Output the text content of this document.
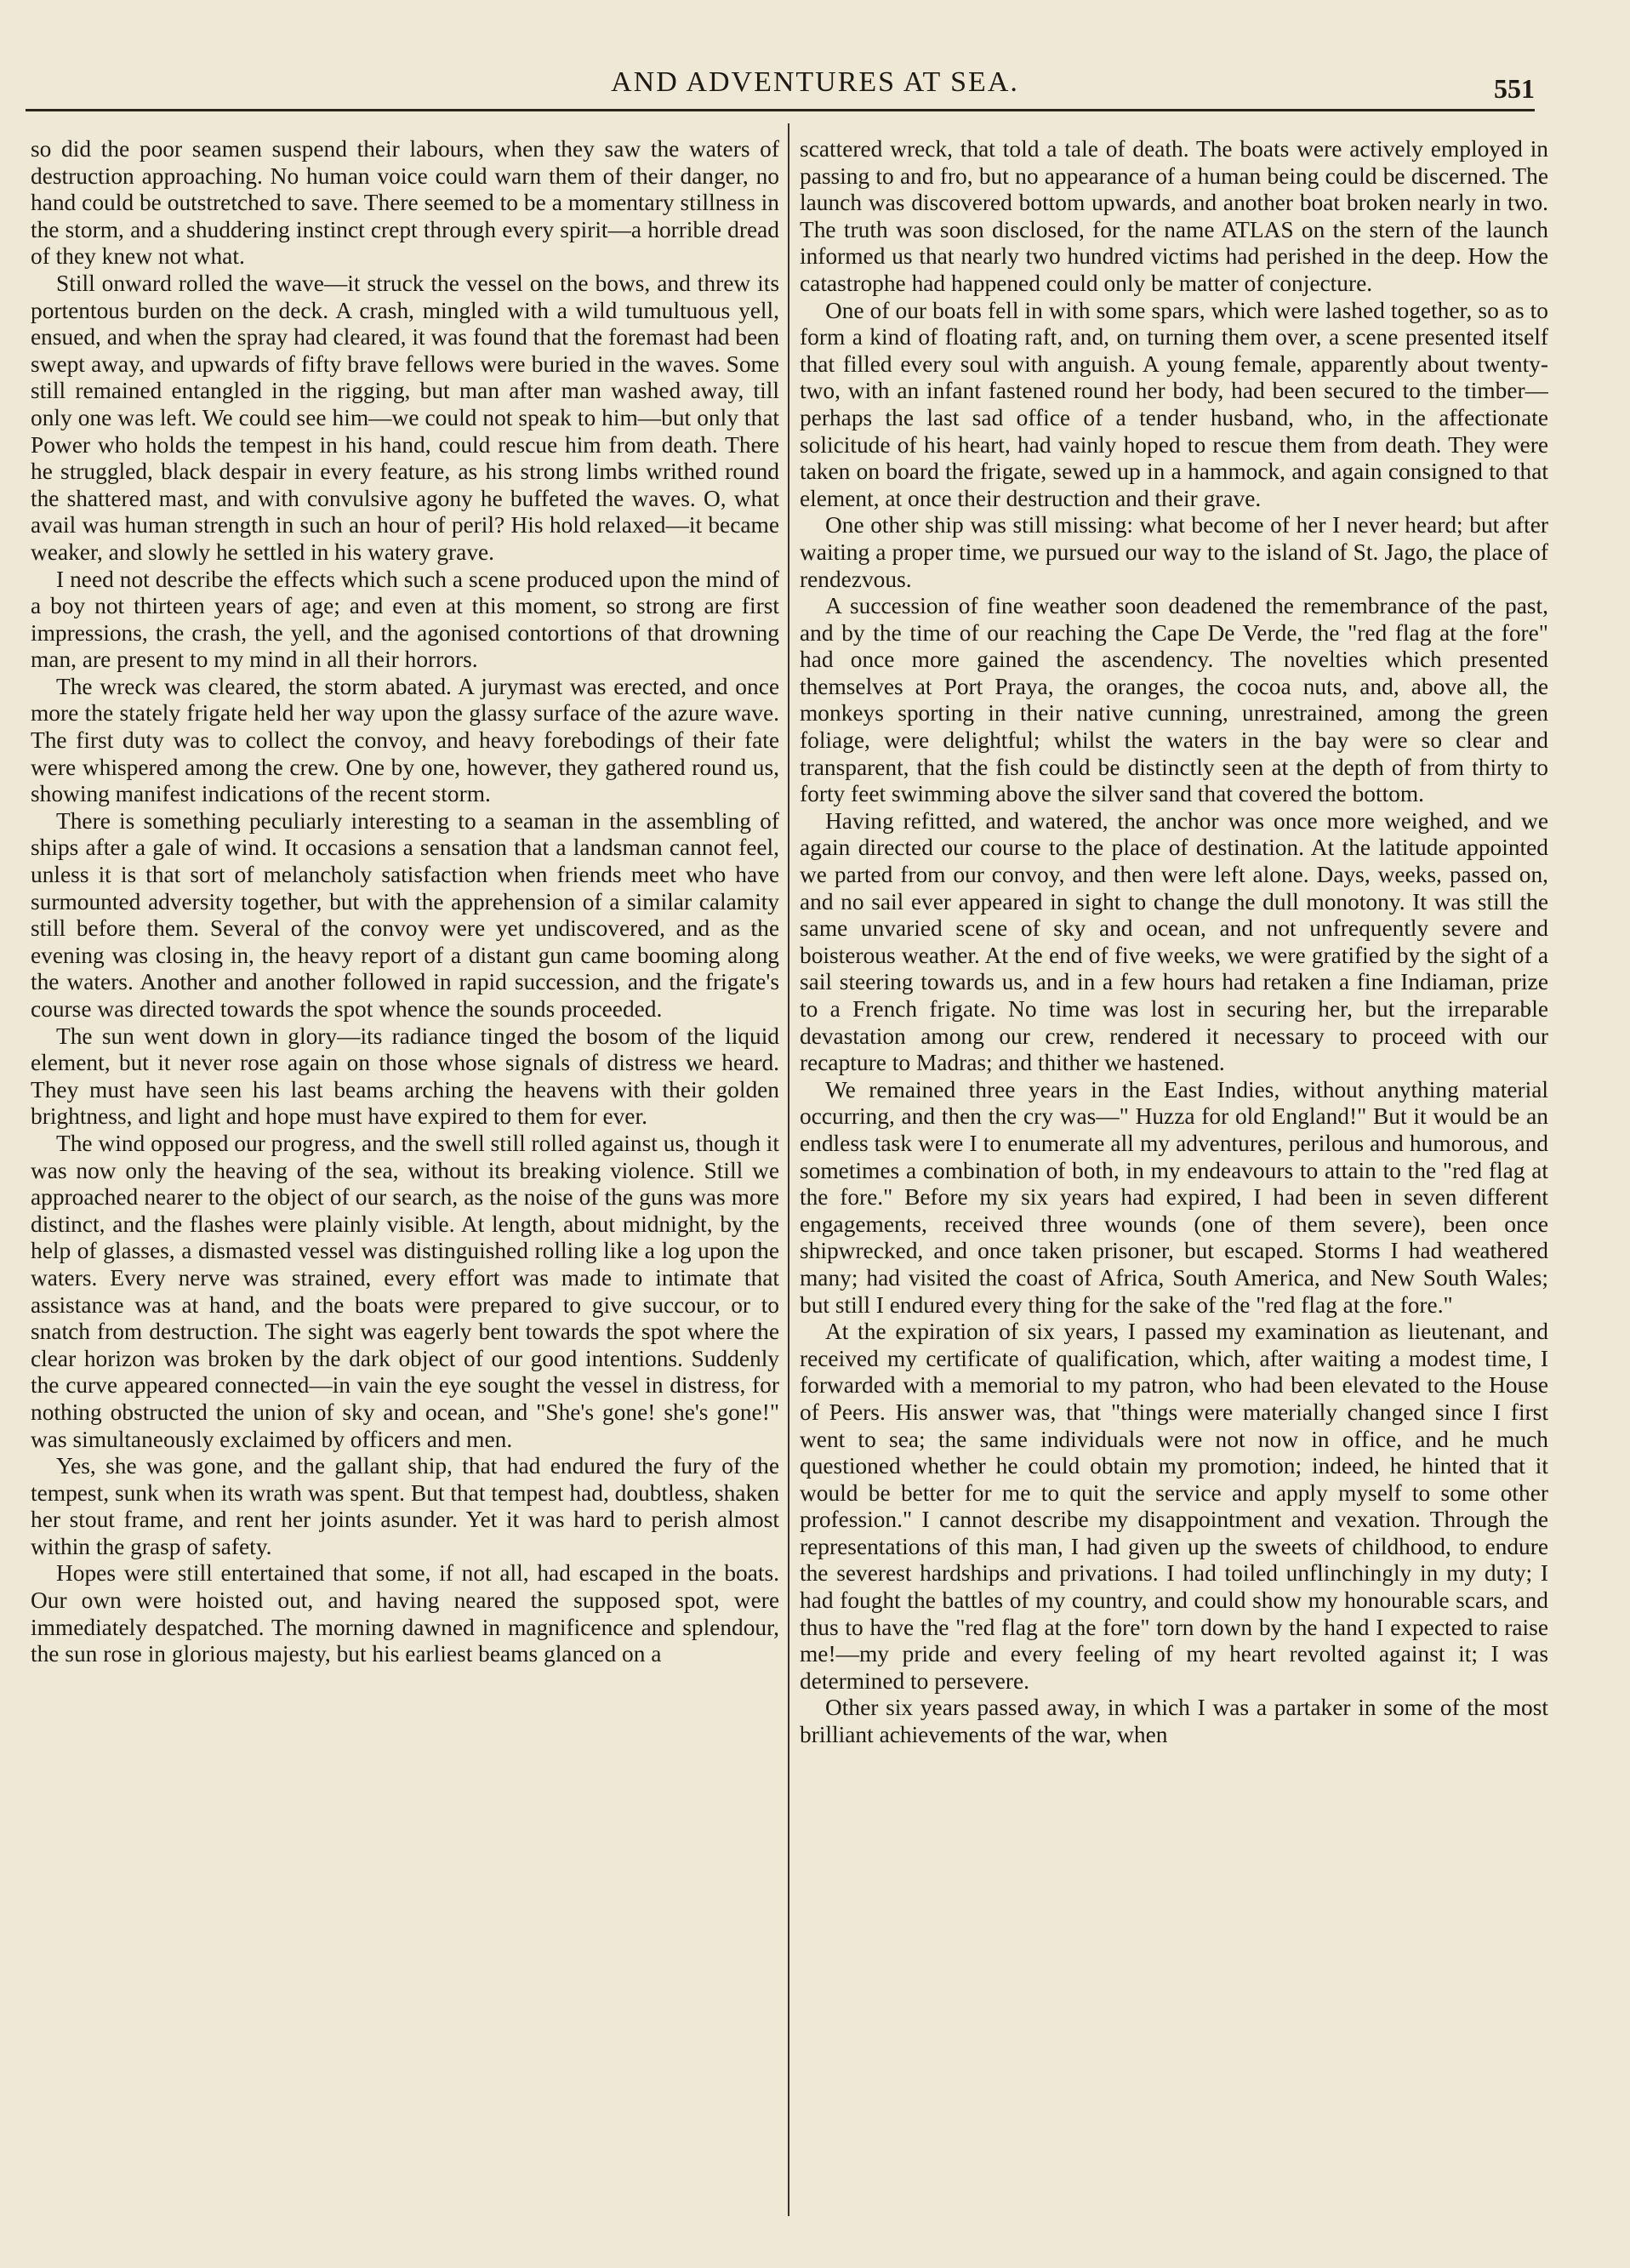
AND ADVENTURES AT SEA.	551

so did the poor seamen suspend their labours, when they saw the waters of destruction approaching. No human voice could warn them of their danger, no hand could be outstretched to save. There seemed to be a momentary stillness in the storm, and a shuddering instinct crept through every spirit—a horrible dread of they knew not what.

Still onward rolled the wave—it struck the vessel on the bows, and threw its portentous burden on the deck. A crash, mingled with a wild tumultuous yell, ensued, and when the spray had cleared, it was found that the foremast had been swept away, and upwards of fifty brave fellows were buried in the waves. Some still remained entangled in the rigging, but man after man washed away, till only one was left. We could see him—we could not speak to him—but only that Power who holds the tempest in his hand, could rescue him from death. There he struggled, black despair in every feature, as his strong limbs writhed round the shattered mast, and with convulsive agony he buffeted the waves. O, what avail was human strength in such an hour of peril? His hold relaxed—it became weaker, and slowly he settled in his watery grave.

I need not describe the effects which such a scene produced upon the mind of a boy not thirteen years of age; and even at this moment, so strong are first impressions, the crash, the yell, and the agonised contortions of that drowning man, are present to my mind in all their horrors.

The wreck was cleared, the storm abated. A jurymast was erected, and once more the stately frigate held her way upon the glassy surface of the azure wave. The first duty was to collect the convoy, and heavy forebodings of their fate were whispered among the crew. One by one, however, they gathered round us, showing manifest indications of the recent storm.

There is something peculiarly interesting to a seaman in the assembling of ships after a gale of wind. It occasions a sensation that a landsman cannot feel, unless it is that sort of melancholy satisfaction when friends meet who have surmounted adversity together, but with the apprehension of a similar calamity still before them. Several of the convoy were yet undiscovered, and as the evening was closing in, the heavy report of a distant gun came booming along the waters. Another and another followed in rapid succession, and the frigate's course was directed towards the spot whence the sounds proceeded.

The sun went down in glory—its radiance tinged the bosom of the liquid element, but it never rose again on those whose signals of distress we heard. They must have seen his last beams arching the heavens with their golden brightness, and light and hope must have expired to them for ever.

The wind opposed our progress, and the swell still rolled against us, though it was now only the heaving of the sea, without its breaking violence. Still we approached nearer to the object of our search, as the noise of the guns was more distinct, and the flashes were plainly visible. At length, about midnight, by the help of glasses, a dismasted vessel was distinguished rolling like a log upon the waters. Every nerve was strained, every effort was made to intimate that assistance was at hand, and the boats were prepared to give succour, or to snatch from destruction. The sight was eagerly bent towards the spot where the clear horizon was broken by the dark object of our good intentions. Suddenly the curve appeared connected—in vain the eye sought the vessel in distress, for nothing obstructed the union of sky and ocean, and "She's gone! she's gone!" was simultaneously exclaimed by officers and men.

Yes, she was gone, and the gallant ship, that had endured the fury of the tempest, sunk when its wrath was spent. But that tempest had, doubtless, shaken her stout frame, and rent her joints asunder. Yet it was hard to perish almost within the grasp of safety.

Hopes were still entertained that some, if not all, had escaped in the boats. Our own were hoisted out, and having neared the supposed spot, were immediately despatched. The morning dawned in magnificence and splendour, the sun rose in glorious majesty, but his earliest beams glanced on a

scattered wreck, that told a tale of death. The boats were actively employed in passing to and fro, but no appearance of a human being could be discerned. The launch was discovered bottom upwards, and another boat broken nearly in two. The truth was soon disclosed, for the name ATLAS on the stern of the launch informed us that nearly two hundred victims had perished in the deep. How the catastrophe had happened could only be matter of conjecture.

One of our boats fell in with some spars, which were lashed together, so as to form a kind of floating raft, and, on turning them over, a scene presented itself that filled every soul with anguish. A young female, apparently about twenty-two, with an infant fastened round her body, had been secured to the timber—perhaps the last sad office of a tender husband, who, in the affectionate solicitude of his heart, had vainly hoped to rescue them from death. They were taken on board the frigate, sewed up in a hammock, and again consigned to that element, at once their destruction and their grave.

One other ship was still missing: what become of her I never heard; but after waiting a proper time, we pursued our way to the island of St. Jago, the place of rendezvous.

A succession of fine weather soon deadened the remembrance of the past, and by the time of our reaching the Cape De Verde, the "red flag at the fore" had once more gained the ascendency. The novelties which presented themselves at Port Praya, the oranges, the cocoa nuts, and, above all, the monkeys sporting in their native cunning, unrestrained, among the green foliage, were delightful; whilst the waters in the bay were so clear and transparent, that the fish could be distinctly seen at the depth of from thirty to forty feet swimming above the silver sand that covered the bottom.

Having refitted, and watered, the anchor was once more weighed, and we again directed our course to the place of destination. At the latitude appointed we parted from our convoy, and then were left alone. Days, weeks, passed on, and no sail ever appeared in sight to change the dull monotony. It was still the same unvaried scene of sky and ocean, and not unfrequently severe and boisterous weather. At the end of five weeks, we were gratified by the sight of a sail steering towards us, and in a few hours had retaken a fine Indiaman, prize to a French frigate. No time was lost in securing her, but the irreparable devastation among our crew, rendered it necessary to proceed with our recapture to Madras; and thither we hastened.

We remained three years in the East Indies, without anything material occurring, and then the cry was—" Huzza for old England!" But it would be an endless task were I to enumerate all my adventures, perilous and humorous, and sometimes a combination of both, in my endeavours to attain to the "red flag at the fore." Before my six years had expired, I had been in seven different engagements, received three wounds (one of them severe), been once shipwrecked, and once taken prisoner, but escaped. Storms I had weathered many; had visited the coast of Africa, South America, and New South Wales; but still I endured every thing for the sake of the "red flag at the fore."

At the expiration of six years, I passed my examination as lieutenant, and received my certificate of qualification, which, after waiting a modest time, I forwarded with a memorial to my patron, who had been elevated to the House of Peers. His answer was, that "things were materially changed since I first went to sea; the same individuals were not now in office, and he much questioned whether he could obtain my promotion; indeed, he hinted that it would be better for me to quit the service and apply myself to some other profession." I cannot describe my disappointment and vexation. Through the representations of this man, I had given up the sweets of childhood, to endure the severest hardships and privations. I had toiled unflinchingly in my duty; I had fought the battles of my country, and could show my honourable scars, and thus to have the "red flag at the fore" torn down by the hand I expected to raise me!—my pride and every feeling of my heart revolted against it; I was determined to persevere.

Other six years passed away, in which I was a partaker in some of the most brilliant achievements of the war, when
